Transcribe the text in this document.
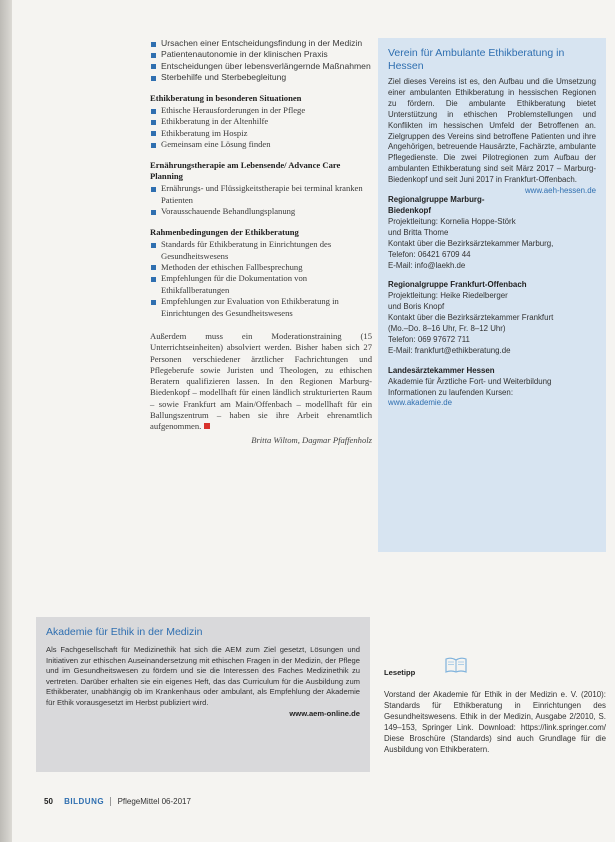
Ursachen einer Entscheidungsfindung in der Medizin
Patientenautonomie in der klinischen Praxis
Entscheidungen über lebensverlängernde Maßnahmen
Sterbehilfe und Sterbebegleitung
Ethikberatung in besonderen Situationen
Ethische Herausforderungen in der Pflege
Ethikberatung in der Altenhilfe
Ethikberatung im Hospiz
Gemeinsam eine Lösung finden
Ernährungstherapie am Lebensende/ Advance Care Planning
Ernährungs- und Flüssigkeitstherapie bei terminal kranken Patienten
Vorausschauende Behandlungsplanung
Rahmenbedingungen der Ethikberatung
Standards für Ethikberatung in Einrichtungen des Gesundheitswesens
Methoden der ethischen Fallbesprechung
Empfehlungen für die Dokumentation von Ethikfallberatungen
Empfehlungen zur Evaluation von Ethikberatung in Einrichtungen des Gesundheitswesens
Außerdem muss ein Moderationstraining (15 Unterrichtseinheiten) absolviert werden. Bisher haben sich 27 Personen verschiedener ärztlicher Fachrichtungen und Pflegeberufe sowie Juristen und Theologen, zu ethischen Beratern qualifizieren lassen. In den Regionen Marburg-Biedenkopf – modellhaft für einen ländlich strukturierten Raum – sowie Frankfurt am Main/Offenbach – modellhaft für ein Ballungszentrum – haben sie ihre Arbeit ehrenamtlich aufgenommen.
Britta Wiltom, Dagmar Pfaffenholz
Verein für Ambulante Ethikberatung in Hessen
Ziel dieses Vereins ist es, den Aufbau und die Umsetzung einer ambulanten Ethikberatung in hessischen Regionen zu fördern. Die ambulante Ethikberatung bietet Unterstützung in ethischen Problemstellungen und Konflikten im hessischen Umfeld der Betroffenen an. Zielgruppen des Vereins sind betroffene Patienten und ihre Angehörigen, betreuende Hausärzte, Fachärzte, ambulante Pflegedienste. Die zwei Pilotregionen zum Aufbau der ambulanten Ethikberatung sind seit März 2017 – Marburg-Biedenkopf und seit Juni 2017 in Frankfurt-Offenbach.
www.aeh-hessen.de
Regionalgruppe Marburg-Biedenkopf
Projektleitung: Kornelia Hoppe-Störk
und Britta Thome
Kontakt über die Bezirksärztekammer Marburg,
Telefon: 06421 6709 44
E-Mail: info@laekh.de
Regionalgruppe Frankfurt-Offenbach
Projektleitung: Heike Riedelberger
und Boris Knopf
Kontakt über die Bezirksärztekammer Frankfurt
(Mo.–Do. 8–16 Uhr, Fr. 8–12 Uhr)
Telefon: 069 97672 711
E-Mail: frankfurt@ethikberatung.de
Landesärztekammer Hessen
Akademie für Ärztliche Fort- und Weiterbildung
Informationen zu laufenden Kursen:
www.akademie.de
Akademie für Ethik in der Medizin
Als Fachgesellschaft für Medizinethik hat sich die AEM zum Ziel gesetzt, Lösungen und Initiativen zur ethischen Auseinandersetzung mit ethischen Fragen in der Medizin, der Pflege und im Gesundheitswesen zu fördern und sie die Interessen des Faches Medizinethik zu vertreten. Darüber erhalten sie ein eigenes Heft, das das Curriculum für die Ausbildung zum Ethikberater, unabhängig ob im Krankenhaus oder ambulant, als Empfehlung der Akademie für Ethik vorausgesetzt im Herbst publiziert wird.
www.aem-online.de
Lesetipp
Vorstand der Akademie für Ethik in der Medizin e. V. (2010): Standards für Ethikberatung in Einrichtungen des Gesundheitswesens. Ethik in der Medizin, Ausgabe 2/2010, S. 149–153, Springer Link. Download: https://link.springer.com/ Diese Broschüre (Standards) sind auch Grundlage für die Ausbildung von Ethikberatern.
50 BILDUNG PflegeMittel 06-2017
